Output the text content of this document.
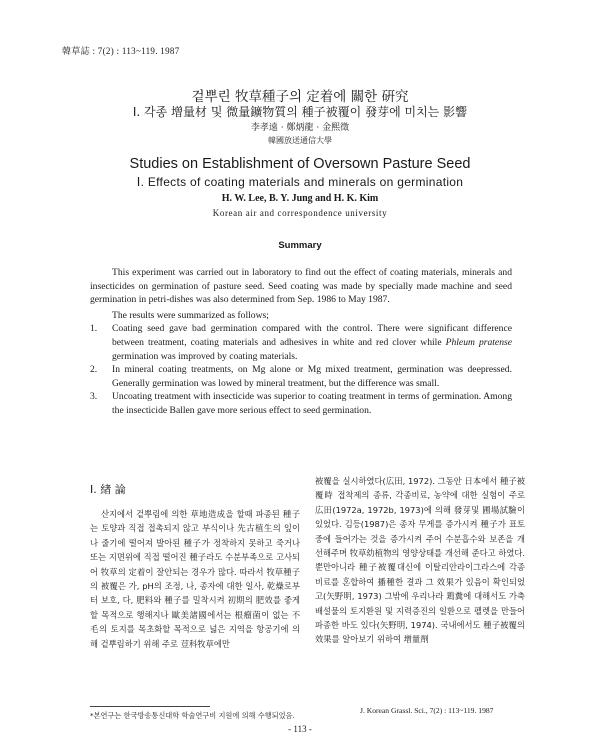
韓草誌 : 7(2) : 113~119. 1987
겉뿌린 牧草種子의 定着에 關한 硏究
Ⅰ. 각종 增量材 및 微量鑛物質의 種子被覆이 發芽에 미치는 影響
李孝遠 · 鄭炳龍 · 金熙徵
韓國放送通信大學
Studies on Establishment of Oversown Pasture Seed
Ⅰ. Effects of coating materials and minerals on germination
H. W. Lee, B. Y. Jung and H. K. Kim
Korean air and correspondence university
Summary

This experiment was carried out in laboratory to find out the effect of coating materials, minerals and insecticides on germination of pasture seed. Seed coating was made by specially made machine and seed germination in petri-dishes was also determined from Sep. 1986 to May 1987.

The results were summarized as follows;

1. Coating seed gave bad germination compared with the control. There were significant difference between treatment, coating materials and adhesives in white and red clover while Phleum pratense germination was improved by coating materials.
2. In mineral coating treatments, on Mg alone or Mg mixed treatment, germination was deepressed. Generally germination was lowed by mineral treatment, but the difference was small.
3. Uncoating treatment with insecticide was superior to coating treatment in terms of germination. Among the insecticide Ballen gave more serious effect to seed germination.
Ⅰ. 緖 論

산지에서 겉뿌림에 의한 草地造成을 할때 파종된 種子는 토양과 직접 접촉되지 않고 부식이나 先古植生의 잎이나 줄기에 떨어져 발아된 種子가 정착하지 못하고 죽거나 또는 지면위에 직접 떨어진 種子라도 수분부족으로 고사되어 牧草의 定着이 잘안되는 경우가 많다. 따라서 牧草種子의 被覆은 가, pH의 조정, 나, 종자에 대한 일사, 乾燥로부터 보호, 다, 肥料와 種子를 밀착시켜 初期의 肥效를 좋게 할 목적으로 행해지나 歐美諸國에서는 根瘤菌이 없는 不毛의 토지를 목초화할 목적으로 넓은 지역을 항공기에 의해 겉뿌림하기 위해 주로 荳科牧草에만

被覆을 실시하였다(広田, 1972). 그동안 日本에서 種子被覆時 접착제의 종류, 각종비료, 농약에 대한 실험이 주로 広田(1972a, 1972b, 1973)에 의해 發芽및 圃場試驗이 있었다. 김등(1987)은 종자 무게를 증가시켜 種子가 표토중에 들어가는 것을 증가시켜 주어 수분흡수와 보존을 개선해주며 牧草幼植物의 영양상태를 개선해 준다고 하였다. 뿐만아니라 種子被覆대신에 이탈리안라이그라스에 각종 비료를 혼합하여 播種한 결과 그 效果가 있음이 확인되었고(矢野明, 1973) 그밖에 우리나라 鶏糞에 대해서도 가축배설물의 토지환원 및 지력증진의 일환으로 펠렛을 만들어 파종한 바도 있다(矢野明, 1974). 국내에서도 種子被覆의 效果를 알아보기 위하여 增量劑

*본연구는 한국방송통신대학 학술연구비 지원에 의해 수행되었음.
J. Korean Grassl. Sci., 7(2) : 113~119. 1987
- 113 -
